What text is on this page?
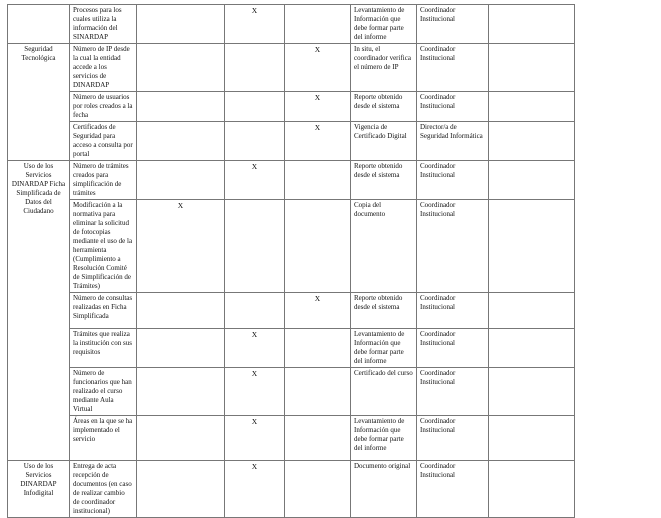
	Procesos para los cuales utiliza la información del SINARDAP		X		Levantamiento de Información que debe formar parte del informe	Coordinador Institucional	
Seguridad Tecnológica	Número de IP desde la cual la entidad accede a los servicios de DINARDAP			X	In situ, el coordinador verifica el número de IP	Coordinador Institucional	
	Número de usuarios por roles creados a la fecha			X	Reporte obtenido desde el sistema	Coordinador Institucional	
	Certificados de Seguridad para acceso a consulta por portal			X	Vigencia de Certificado Digital	Director/a de Seguridad Informática	
Uso de los Servicios DINARDAP Ficha Simplificada de Datos del Ciudadano	Número de trámites creados para simplificación de trámites		X		Reporte obtenido desde el sistema	Coordinador Institucional	
	Modificación a la normativa para eliminar la solicitud de fotocopias mediante el uso de la herramienta (Cumplimiento a Resolución Comité de Simplificación de Trámites)	X			Copia del documento	Coordinador Institucional	
	Número de consultas realizadas en Ficha Simplificada			X	Reporte obtenido desde el sistema	Coordinador Institucional	
	Trámites que realiza la institución con sus requisitos		X		Levantamiento de Información que debe formar parte del informe	Coordinador Institucional	
	Número de funcionarios que han realizado el curso mediante Aula Virtual		X		Certificado del curso	Coordinador Institucional	
	Áreas en la que se ha implementado el servicio		X		Levantamiento de Información que debe formar parte del informe	Coordinador Institucional	
Uso de los Servicios DINARDAP Infodigital	Entrega de acta recepción de documentos (en caso de realizar cambio de coordinador institucional)		X		Documento original	Coordinador Institucional	
